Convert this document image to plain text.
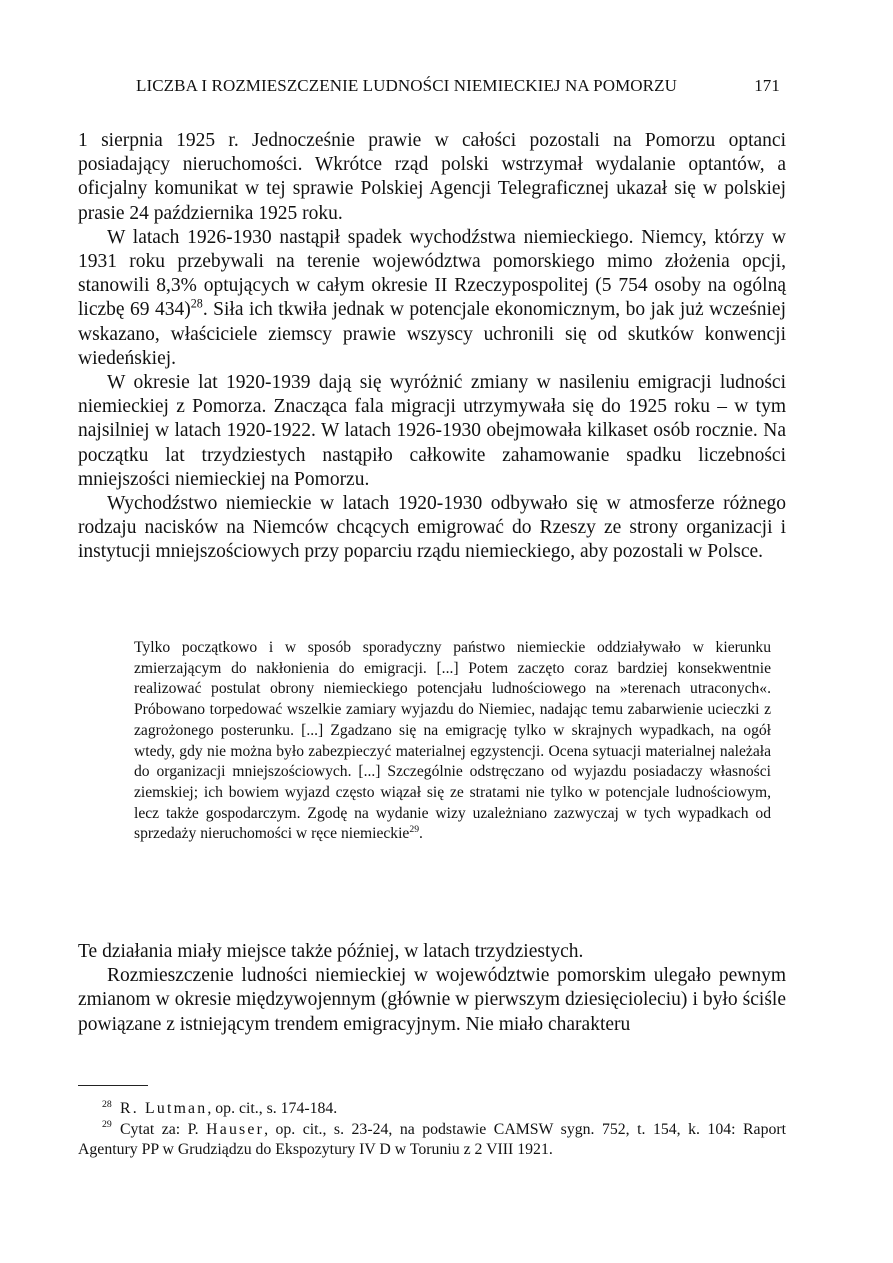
LICZBA I ROZMIESZCZENIE LUDNOŚCI NIEMIECKIEJ NA POMORZU	171

1 sierpnia 1925 r. Jednocześnie prawie w całości pozostali na Pomorzu optanci posiadający nieruchomości. Wkrótce rząd polski wstrzymał wydalanie optantów, a oficjalny komunikat w tej sprawie Polskiej Agencji Telegraficznej ukazał się w polskiej prasie 24 października 1925 roku.

W latach 1926-1930 nastąpił spadek wychodźstwa niemieckiego. Niemcy, którzy w 1931 roku przebywali na terenie województwa pomorskiego mimo złożenia opcji, stanowili 8,3% optujących w całym okresie II Rzeczypospolitej (5 754 osoby na ogólną liczbę 69 434)$^{28}$. Siła ich tkwiła jednak w potencjale ekonomicznym, bo jak już wcześniej wskazano, właściciele ziemscy prawie wszyscy uchronili się od skutków konwencji wiedeńskiej.

W okresie lat 1920-1939 dają się wyróżnić zmiany w nasileniu emigracji ludności niemieckiej z Pomorza. Znacząca fala migracji utrzymywała się do 1925 roku – w tym najsilniej w latach 1920-1922. W latach 1926-1930 obejmowała kilkaset osób rocznie. Na początku lat trzydziestych nastąpiło całkowite zahamowanie spadku liczebności mniejszości niemieckiej na Pomorzu.

Wychodźstwo niemieckie w latach 1920-1930 odbywało się w atmosferze różnego rodzaju nacisków na Niemców chcących emigrować do Rzeszy ze strony organizacji i instytucji mniejszościowych przy poparciu rządu niemieckiego, aby pozostali w Polsce.

Tylko początkowo i w sposób sporadyczny państwo niemieckie oddziaływało w kierunku zmierzającym do nakłonienia do emigracji. [...] Potem zaczęto coraz bardziej konsekwentnie realizować postulat obrony niemieckiego potencjału ludnościowego na »terenach utraconych«. Próbowano torpedować wszelkie zamiary wyjazdu do Niemiec, nadając temu zabarwienie ucieczki z zagrożonego posterunku. [...] Zgadzano się na emigrację tylko w skrajnych wypadkach, na ogół wtedy, gdy nie można było zabezpieczyć materialnej egzystencji. Ocena sytuacji materialnej należała do organizacji mniejszościowych. [...] Szczególnie odstręczano od wyjazdu posiadaczy własności ziemskiej; ich bowiem wyjazd często wiązał się ze stratami nie tylko w potencjale ludnościowym, lecz także gospodarczym. Zgodę na wydanie wizy uzależniano zazwyczaj w tych wypadkach od sprzedaży nieruchomości w ręce niemieckie$^{29}$.

Te działania miały miejsce także później, w latach trzydziestych.

Rozmieszczenie ludności niemieckiej w województwie pomorskim ulegało pewnym zmianom w okresie międzywojennym (głównie w pierwszym dziesięcioleciu) i było ściśle powiązane z istniejącym trendem emigracyjnym. Nie miało charakteru

$^{28}$ R. Lutman, op. cit., s. 174-184.

$^{29}$ Cytat za: P. Hauser, op. cit., s. 23-24, na podstawie CAMSW sygn. 752, t. 154, k. 104: Raport Agentury PP w Grudziądzu do Ekspozytury IV D w Toruniu z 2 VIII 1921.
